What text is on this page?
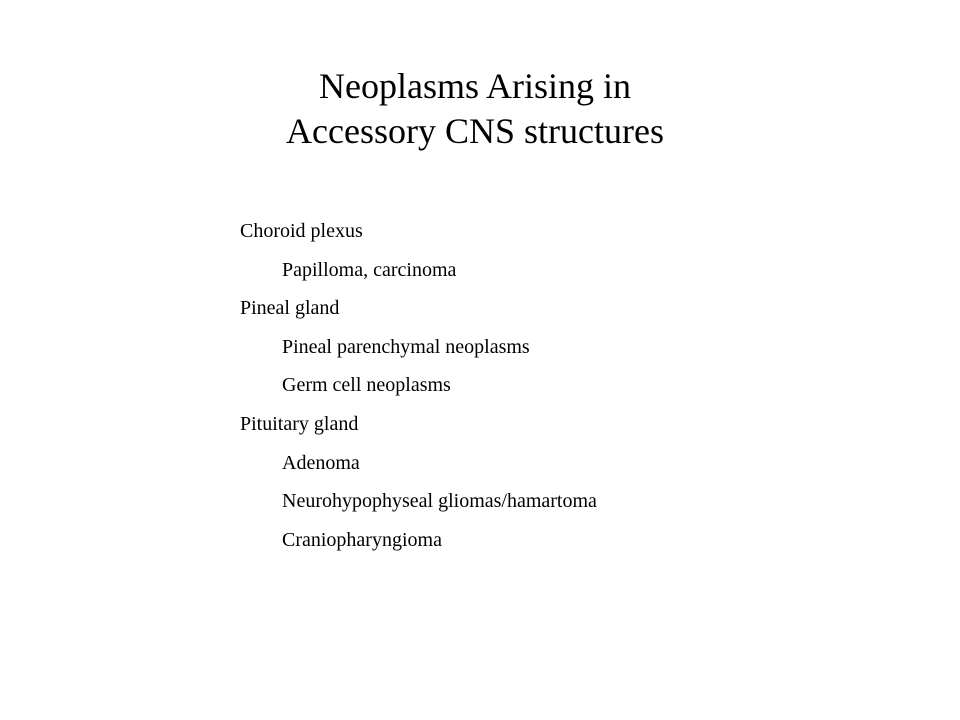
Neoplasms Arising in
Accessory CNS structures
Choroid plexus
Papilloma, carcinoma
Pineal gland
Pineal parenchymal neoplasms
Germ cell neoplasms
Pituitary gland
Adenoma
Neurohypophyseal gliomas/hamartoma
Craniopharyngioma
